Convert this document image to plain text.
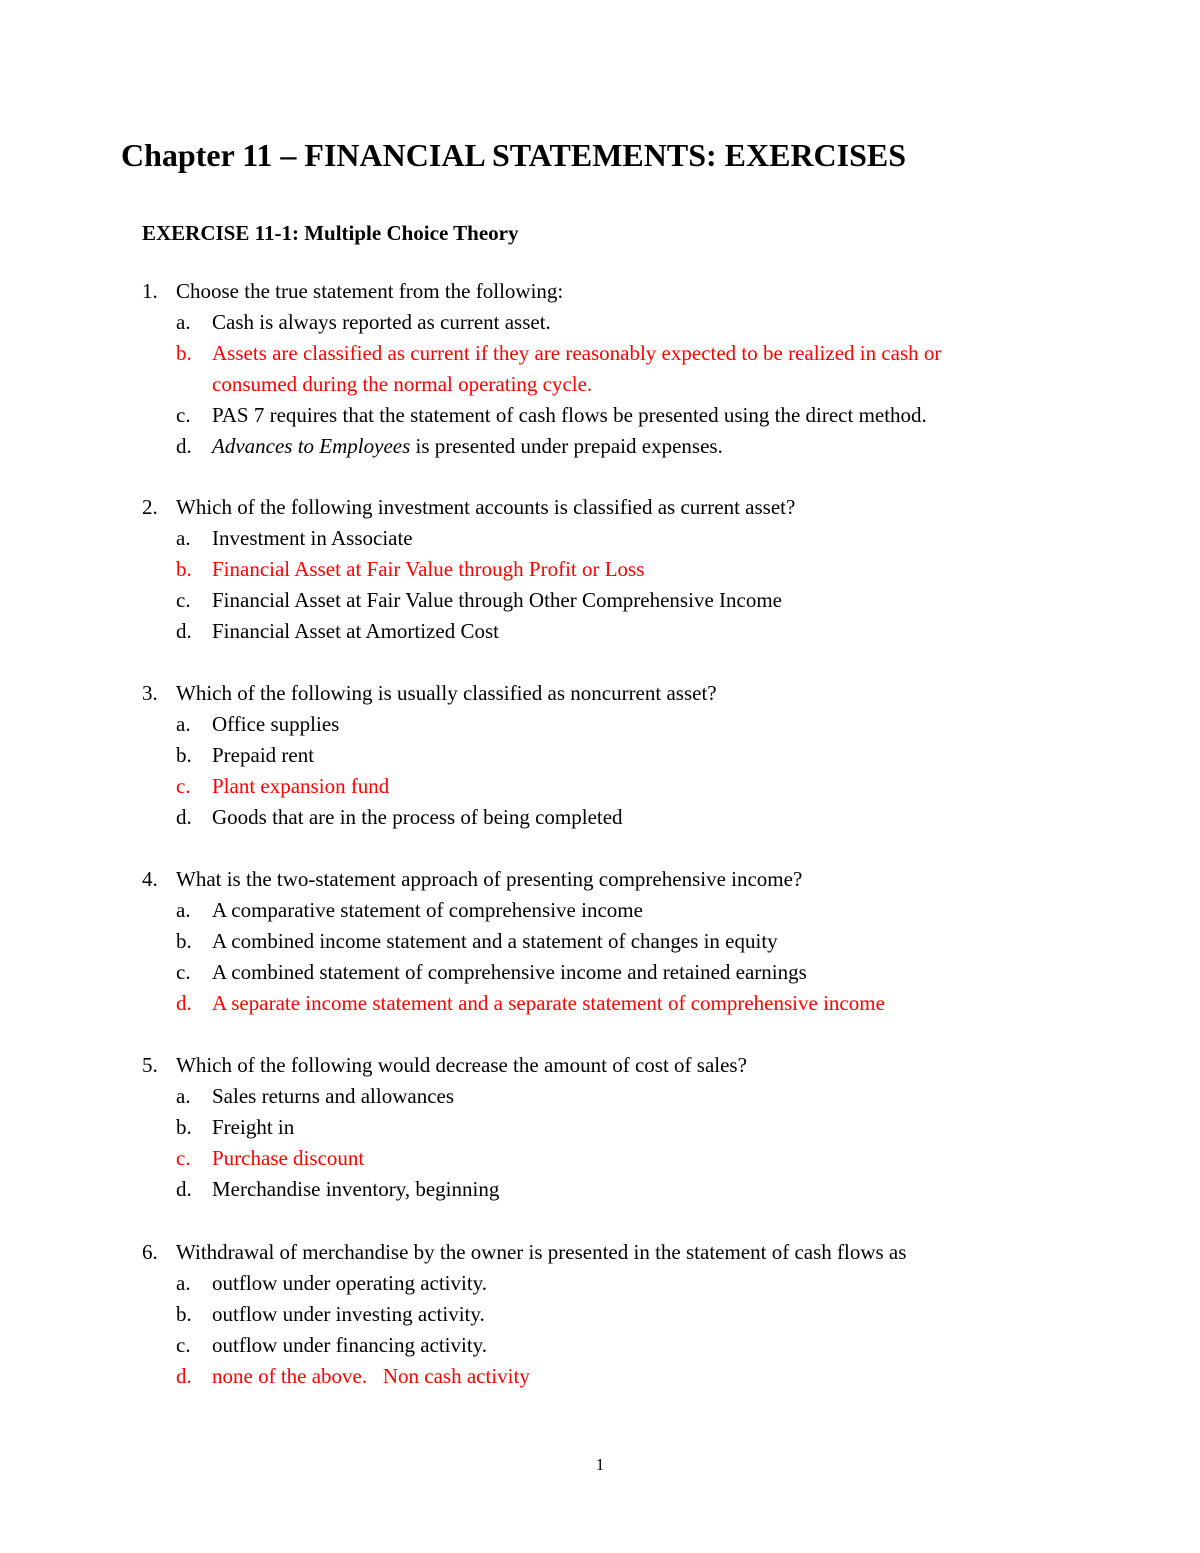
Chapter 11 – FINANCIAL STATEMENTS: EXERCISES
EXERCISE 11-1: Multiple Choice Theory
1. Choose the true statement from the following:
a. Cash is always reported as current asset.
b. Assets are classified as current if they are reasonably expected to be realized in cash or
consumed during the normal operating cycle.
c. PAS 7 requires that the statement of cash flows be presented using the direct method.
d. Advances to Employees is presented under prepaid expenses.
2. Which of the following investment accounts is classified as current asset?
a. Investment in Associate
b. Financial Asset at Fair Value through Profit or Loss
c. Financial Asset at Fair Value through Other Comprehensive Income
d. Financial Asset at Amortized Cost
3. Which of the following is usually classified as noncurrent asset?
a. Office supplies
b. Prepaid rent
c. Plant expansion fund
d. Goods that are in the process of being completed
4. What is the two-statement approach of presenting comprehensive income?
a. A comparative statement of comprehensive income
b. A combined income statement and a statement of changes in equity
c. A combined statement of comprehensive income and retained earnings
d. A separate income statement and a separate statement of comprehensive income
5. Which of the following would decrease the amount of cost of sales?
a. Sales returns and allowances
b. Freight in
c. Purchase discount
d. Merchandise inventory, beginning
6. Withdrawal of merchandise by the owner is presented in the statement of cash flows as
a. outflow under operating activity.
b. outflow under investing activity.
c. outflow under financing activity.
d. none of the above.   Non cash activity
1
